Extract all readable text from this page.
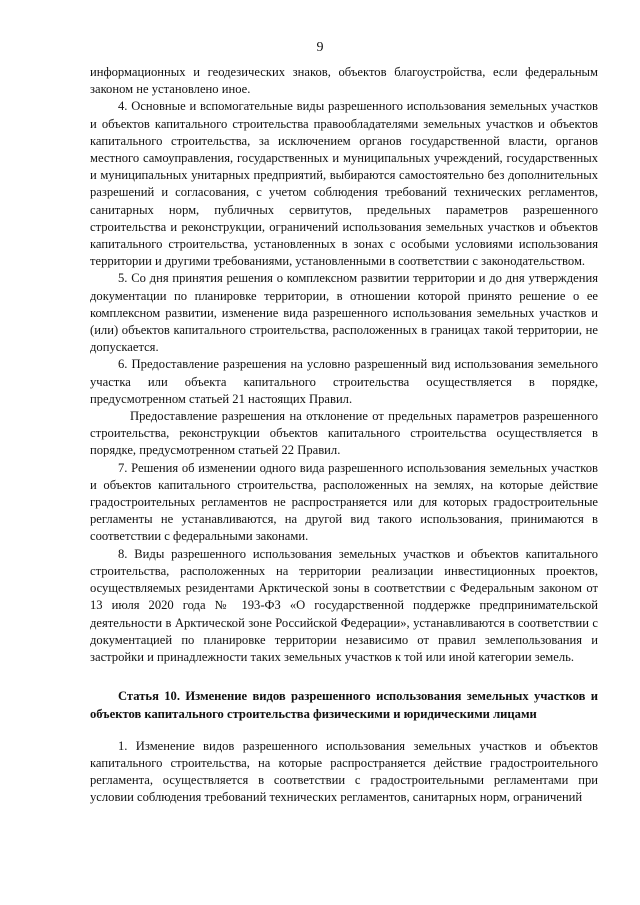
9

информационных и геодезических знаков, объектов благоустройства, если федеральным законом не установлено иное.

4. Основные и вспомогательные виды разрешенного использования земельных участков и объектов капитального строительства правообладателями земельных участков и объектов капитального строительства, за исключением органов государственной власти, органов местного самоуправления, государственных и муниципальных учреждений, государственных и муниципальных унитарных предприятий, выбираются самостоятельно без дополнительных разрешений и согласования, с учетом соблюдения требований технических регламентов, санитарных норм, публичных сервитутов, предельных параметров разрешенного строительства и реконструкции, ограничений использования земельных участков и объектов капитального строительства, установленных в зонах с особыми условиями использования территории и другими требованиями, установленными в соответствии с законодательством.

5. Со дня принятия решения о комплексном развитии территории и до дня утверждения документации по планировке территории, в отношении которой принято решение о ее комплексном развитии, изменение вида разрешенного использования земельных участков и (или) объектов капитального строительства, расположенных в границах такой территории, не допускается.

6. Предоставление разрешения на условно разрешенный вид использования земельного участка или объекта капитального строительства осуществляется в порядке, предусмотренном статьей 21 настоящих Правил.

Предоставление разрешения на отклонение от предельных параметров разрешенного строительства, реконструкции объектов капитального строительства осуществляется в порядке, предусмотренном статьей 22 Правил.

7. Решения об изменении одного вида разрешенного использования земельных участков и объектов капитального строительства, расположенных на землях, на которые действие градостроительных регламентов не распространяется или для которых градостроительные регламенты не устанавливаются, на другой вид такого использования, принимаются в соответствии с федеральными законами.

8. Виды разрешенного использования земельных участков и объектов капитального строительства, расположенных на территории реализации инвестиционных проектов, осуществляемых резидентами Арктической зоны в соответствии с Федеральным законом от 13 июля 2020 года № 193-ФЗ «О государственной поддержке предпринимательской деятельности в Арктической зоне Российской Федерации», устанавливаются в соответствии с документацией по планировке территории независимо от правил землепользования и застройки и принадлежности таких земельных участков к той или иной категории земель.

Статья 10. Изменение видов разрешенного использования земельных участков и объектов капитального строительства физическими и юридическими лицами

1. Изменение видов разрешенного использования земельных участков и объектов капитального строительства, на которые распространяется действие градостроительного регламента, осуществляется в соответствии с градостроительными регламентами при условии соблюдения требований технических регламентов, санитарных норм, ограничений
